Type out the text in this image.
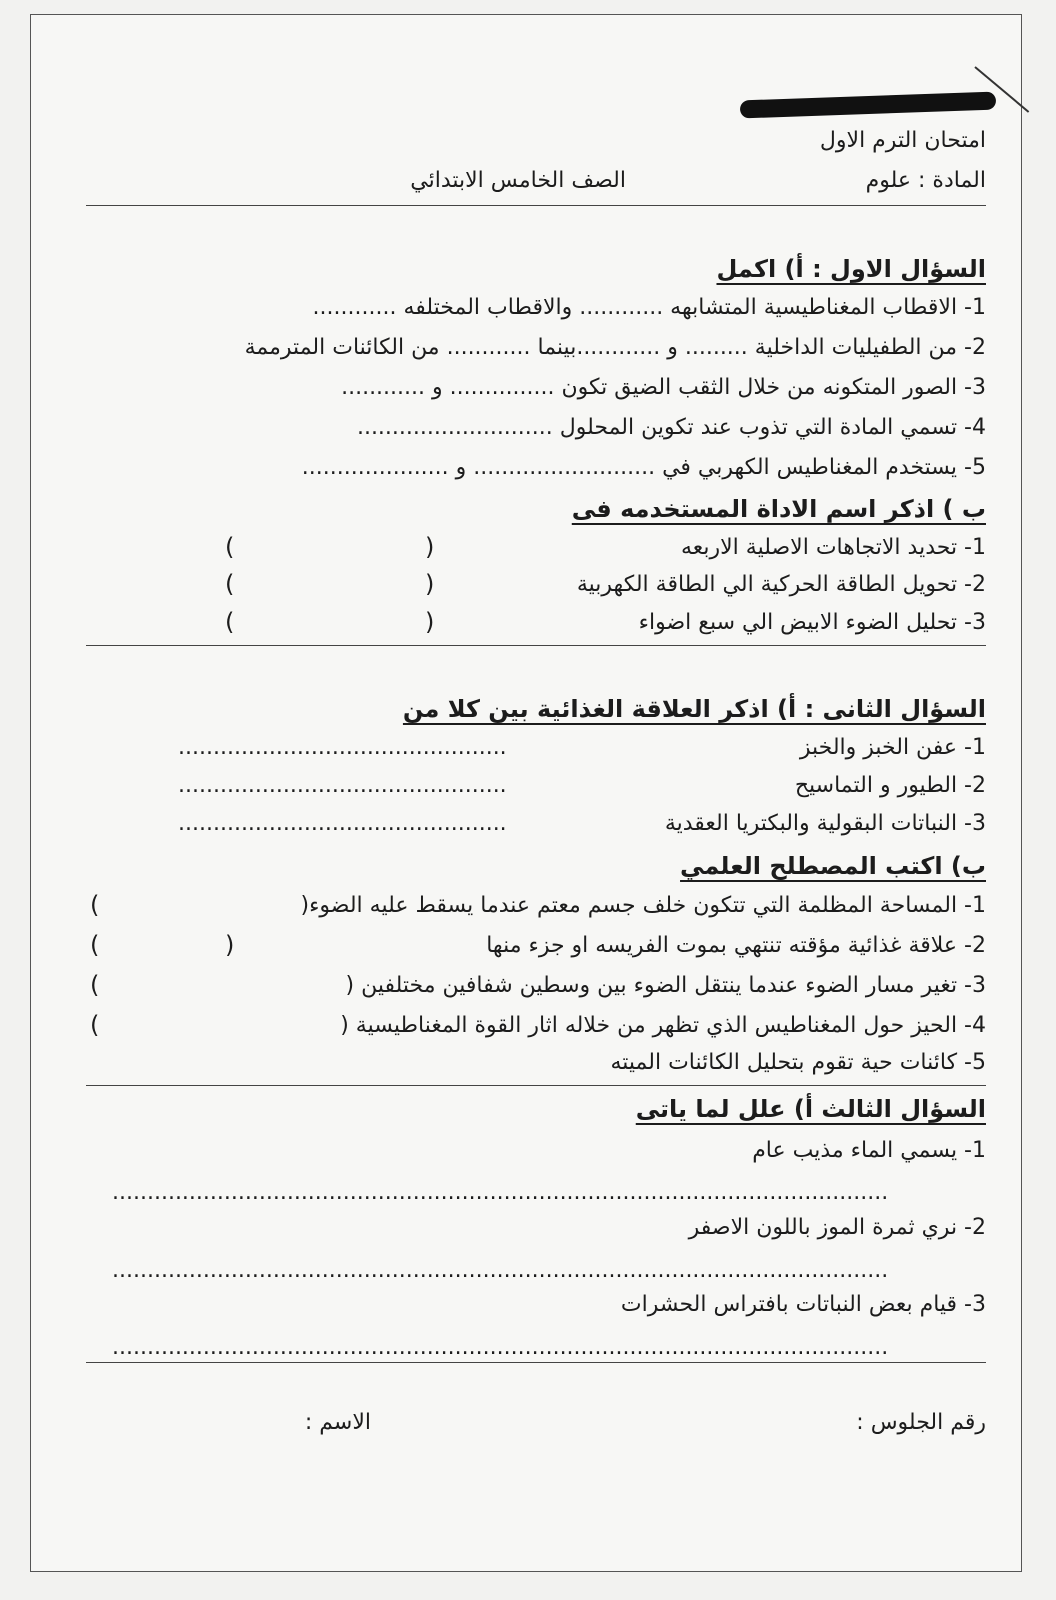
امتحان الترم الاول
المادة : علوم
الصف الخامس الابتدائي
السؤال الاول : أ) اكمل
1- الاقطاب المغناطيسية المتشابهه ............ والاقطاب المختلفه ............
2- من الطفيليات الداخلية ......... و ............بينما ............ من الكائنات المترممة
3- الصور المتكونه من خلال الثقب الضيق تكون ............... و ............
4- تسمي المادة التي تذوب عند تكوين المحلول ............................
5- يستخدم المغناطيس الكهربي في .......................... و .....................
ب ) اذكر اسم الاداة المستخدمه فى
1- تحديد الاتجاهات الاصلية الاربعه
2- تحويل الطاقة الحركية الي الطاقة الكهربية
3- تحليل الضوء الابيض الي سبع اضواء
(
)
(
)
(
)
السؤال الثانى : أ) اذكر العلاقة الغذائية بين كلا من
1- عفن الخبز والخبز
2- الطيور و التماسيح
3- النباتات البقولية والبكتريا العقدية
...............................................
...............................................
...............................................
ب) اكتب المصطلح العلمي
1- المساحة المظلمة التي تتكون خلف جسم معتم عندما يسقط عليه الضوء(
2- علاقة غذائية مؤقته تنتهي بموت الفريسه او جزء منها
3- تغير مسار الضوء عندما ينتقل الضوء بين وسطين شفافين مختلفين (
4- الحيز حول المغناطيس الذي تظهر من خلاله اثار القوة المغناطيسية (
5- كائنات حية تقوم بتحليل الكائنات الميته
(
)
)
)
)
السؤال الثالث أ) علل لما ياتى
1- يسمي الماء مذيب عام
...............................................................................................................
2- نري ثمرة الموز باللون الاصفر
...............................................................................................................
3- قيام بعض النباتات بافتراس الحشرات
...............................................................................................................
رقم الجلوس :
الاسم :
